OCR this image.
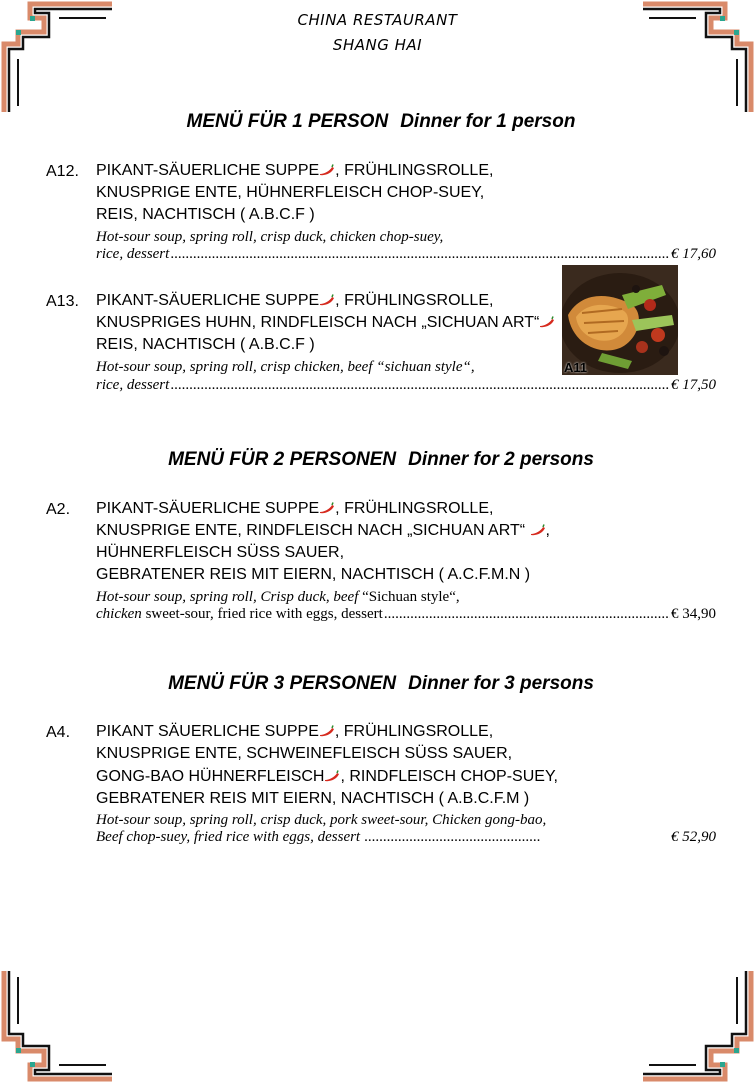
CHINA RESTAURANT
SHANG HAI
MENÜ FÜR 1 PERSON Dinner for 1 person
A12. PIKANT-SÄUERLICHE SUPPE , FRÜHLINGSROLLE,
KNUSPRIGE ENTE, HÜHNERFLEISCH CHOP-SUEY,
REIS, NACHTISCH ( A.B.C.F )
Hot-sour soup, spring roll, crisp duck, chicken chop-suey,
rice, dessert .....	€ 17,60
A13. PIKANT-SÄUERLICHE SUPPE , FRÜHLINGSROLLE,
KNUSPRIGES HUHN, RINDFLEISCH NACH „SICHUAN ART“
REIS, NACHTISCH ( A.B.C.F )
Hot-sour soup, spring roll, crisp chicken, beef “sichuan style“,
rice, dessert .....	€ 17,50
A11
MENÜ FÜR 2 PERSONEN Dinner for 2 persons
A2. PIKANT-SÄUERLICHE SUPPE , FRÜHLINGSROLLE,
KNUSPRIGE ENTE, RINDFLEISCH NACH „SICHUAN ART“ ,
HÜHNERFLEISCH SÜSS SAUER,
GEBRATENER REIS MIT EIERN, NACHTISCH ( A.C.F.M.N )
Hot-sour soup, spring roll, Crisp duck, beef “Sichuan style“,
chicken sweet-sour, fried rice with eggs, dessert .....	€ 34,90
MENÜ FÜR 3 PERSONEN Dinner for 3 persons
A4. PIKANT SÄUERLICHE SUPPE , FRÜHLINGSROLLE,
KNUSPRIGE ENTE, SCHWEINEFLEISCH SÜSS SAUER,
GONG-BAO HÜHNERFLEISCH , RINDFLEISCH CHOP-SUEY,
GEBRATENER REIS MIT EIERN, NACHTISCH ( A.B.C.F.M )
Hot-sour soup, spring roll, crisp duck, pork sweet-sour, Chicken gong-bao,
Beef chop-suey, fried rice with eggs, dessert ...............................................	€ 52,90
